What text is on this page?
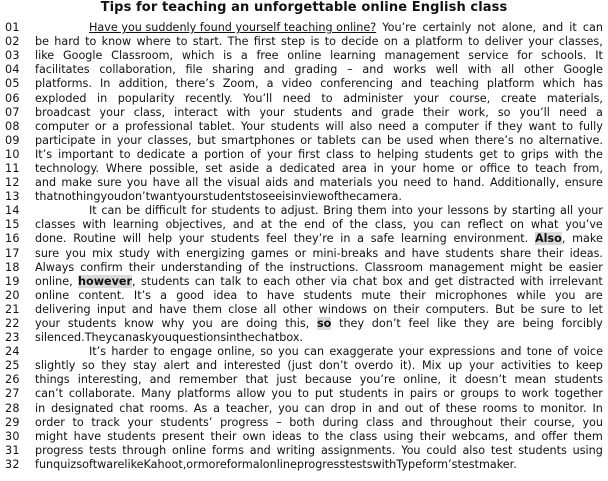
Tips for teaching an unforgettable online English class
01	Have you suddenly found yourself teaching online? You’re certainly not alone, and it can
02	be hard to know where to start. The first step is to decide on a platform to deliver your classes,
03	like Google Classroom, which is a free online learning management service for schools. It
04	facilitates collaboration, file sharing and grading – and works well with all other Google
05	platforms. In addition, there’s Zoom, a video conferencing and teaching platform which has
06	exploded in popularity recently. You’ll need to administer your course, create materials,
07	broadcast your class, interact with your students and grade their work, so you’ll need a
08	computer or a professional tablet. Your students will also need a computer if they want to fully
09	participate in your classes, but smartphones or tablets can be used when there’s no alternative.
10	It’s important to dedicate a portion of your first class to helping students get to grips with the
11	technology. Where possible, set aside a dedicated area in your home or office to teach from,
12	and make sure you have all the visual aids and materials you need to hand. Additionally, ensure
13	that nothing you don’t want your students to see is in view of the camera.
14	It can be difficult for students to adjust. Bring them into your lessons by starting all your
15	classes with learning objectives, and at the end of the class, you can reflect on what you’ve
16	done. Routine will help your students feel they’re in a safe learning environment. Also, make
17	sure you mix study with energizing games or mini-breaks and have students share their ideas.
18	Always confirm their understanding of the instructions. Classroom management might be easier
19	online, however, students can talk to each other via chat box and get distracted with irrelevant
20	online content. It’s a good idea to have students mute their microphones while you are
21	delivering input and have them close all other windows on their computers. But be sure to let
22	your students know why you are doing this, so they don’t feel like they are being forcibly
23	silenced. They can ask you questions in the chat box.
24	It’s harder to engage online, so you can exaggerate your expressions and tone of voice
25	slightly so they stay alert and interested (just don’t overdo it). Mix up your activities to keep
26	things interesting, and remember that just because you’re online, it doesn’t mean students
27	can’t collaborate. Many platforms allow you to put students in pairs or groups to work together
28	in designated chat rooms. As a teacher, you can drop in and out of these rooms to monitor. In
29	order to track your students’ progress – both during class and throughout their course, you
30	might have students present their own ideas to the class using their webcams, and offer them
31	progress tests through online forms and writing assignments. You could also test students using
32	fun quiz software like Kahoot, or more formal online progress tests with Typeform’s test maker.
